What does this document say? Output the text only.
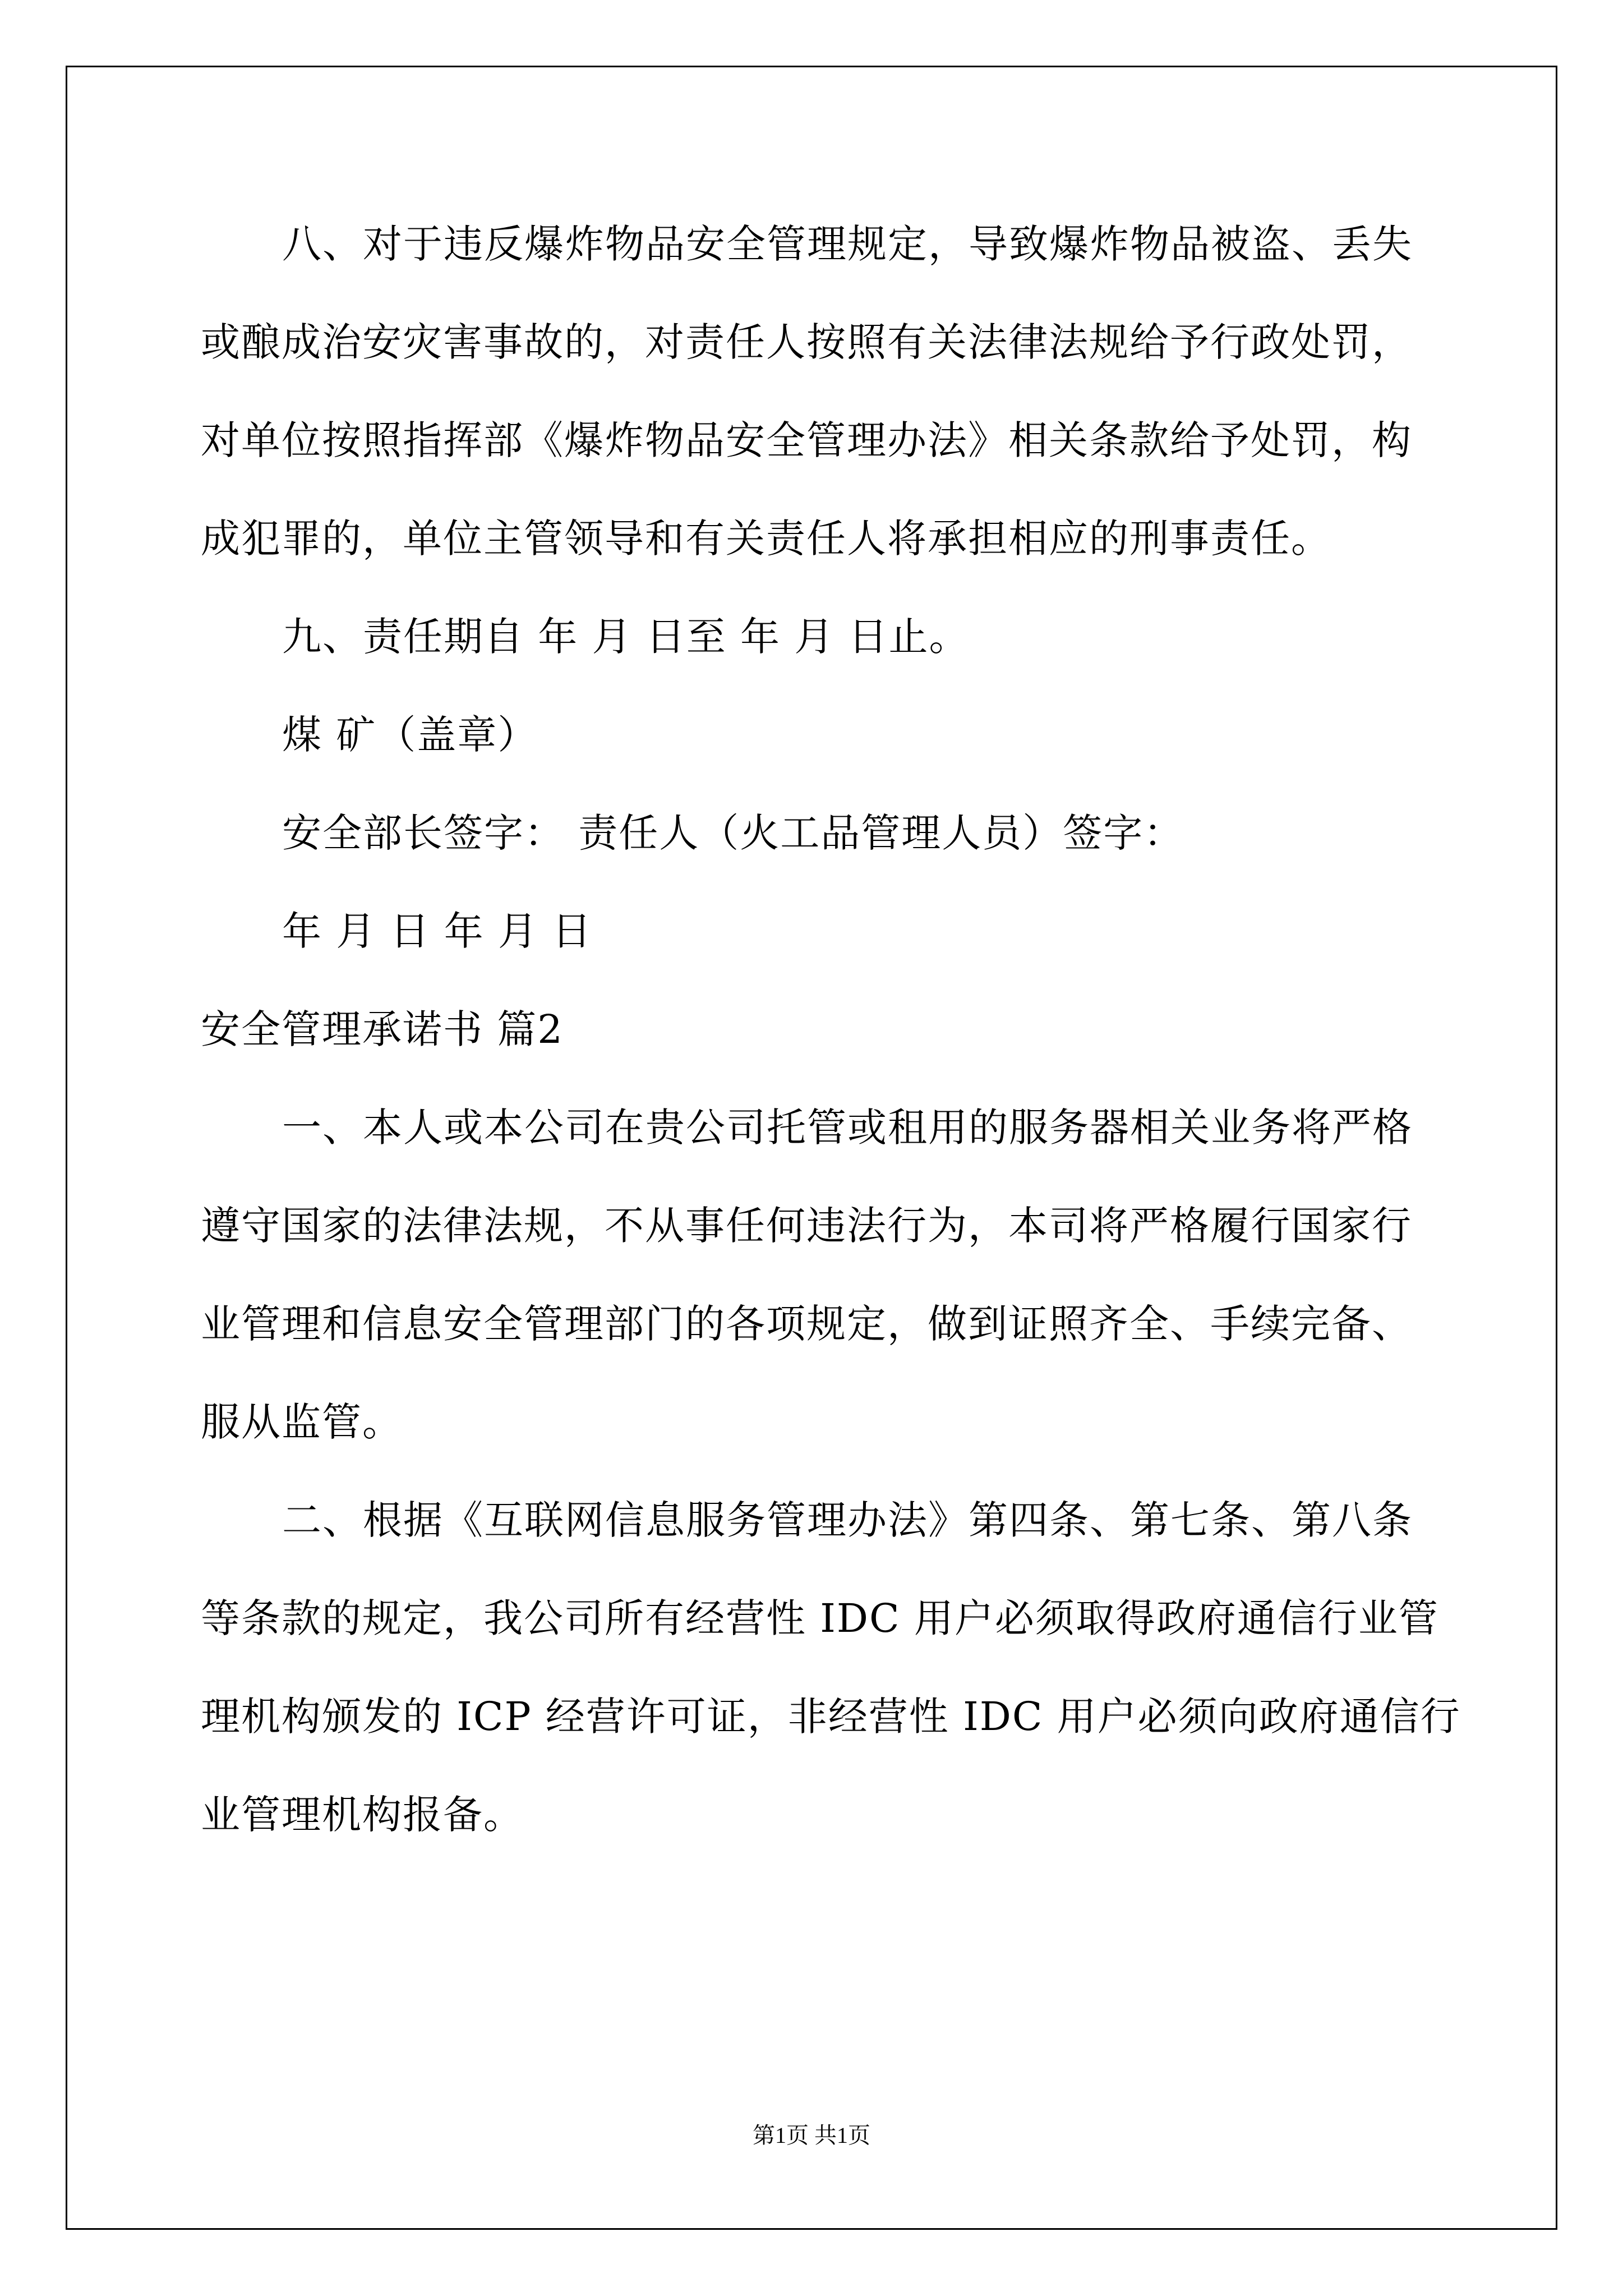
八、对于违反爆炸物品安全管理规定，导致爆炸物品被盗、丢失
或酿成治安灾害事故的，对责任人按照有关法律法规给予行政处罚，
对单位按照指挥部《爆炸物品安全管理办法》相关条款给予处罚，构
成犯罪的，单位主管领导和有关责任人将承担相应的刑事责任。
九、责任期自 年 月 日至 年 月 日止。
煤 矿（盖章）
安全部长签字： 责任人（火工品管理人员）签字：
年 月 日 年 月 日
安全管理承诺书 篇2
一、本人或本公司在贵公司托管或租用的服务器相关业务将严格
遵守国家的法律法规，不从事任何违法行为，本司将严格履行国家行
业管理和信息安全管理部门的各项规定，做到证照齐全、手续完备、
服从监管。
二、根据《互联网信息服务管理办法》第四条、第七条、第八条
等条款的规定，我公司所有经营性 IDC 用户必须取得政府通信行业管
理机构颁发的 ICP 经营许可证，非经营性 IDC 用户必须向政府通信行
业管理机构报备。
第1页 共1页
